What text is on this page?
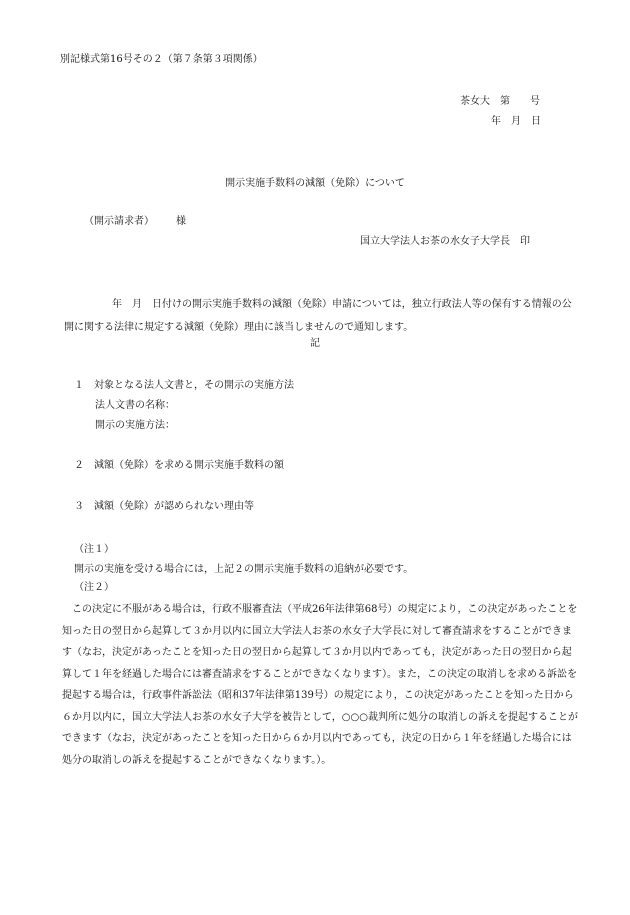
別記様式第16号その２（第７条第３項関係）
茶女大　第　　号
年　月　日
開示実施手数料の減額（免除）について
（開示請求者） 様
国立大学法人お茶の水女子大学長　印
年　月　日付けの開示実施手数料の減額（免除）申請については，独立行政法人等の保有する情報の公開に関する法律に規定する減額（免除）理由に該当しませんので通知します。
記
１　対象となる法人文書と，その開示の実施方法
法人文書の名称：
開示の実施方法：
２　減額（免除）を求める開示実施手数料の額
３　減額（免除）が認められない理由等
（注１）
開示の実施を受ける場合には，上記２の開示実施手数料の追納が必要です。
（注２）
この決定に不服がある場合は，行政不服審査法（平成26年法律第68号）の規定により，この決定があったことを知った日の翌日から起算して３か月以内に国立大学法人お茶の水女子大学長に対して審査請求をすることができます（なお，決定があったことを知った日の翌日から起算して３か月以内であっても，決定があった日の翌日から起算して１年を経過した場合には審査請求をすることができなくなります）。また，この決定の取消しを求める訴訟を提起する場合は，行政事件訴訟法（昭和37年法律第139号）の規定により，この決定があったことを知った日から６か月以内に，国立大学法人お茶の水女子大学を被告として，○○○裁判所に処分の取消しの訴えを提起することができます（なお，決定があったことを知った日から６か月以内であっても，決定の日から１年を経過した場合には処分の取消しの訴えを提起することができなくなります。）。
